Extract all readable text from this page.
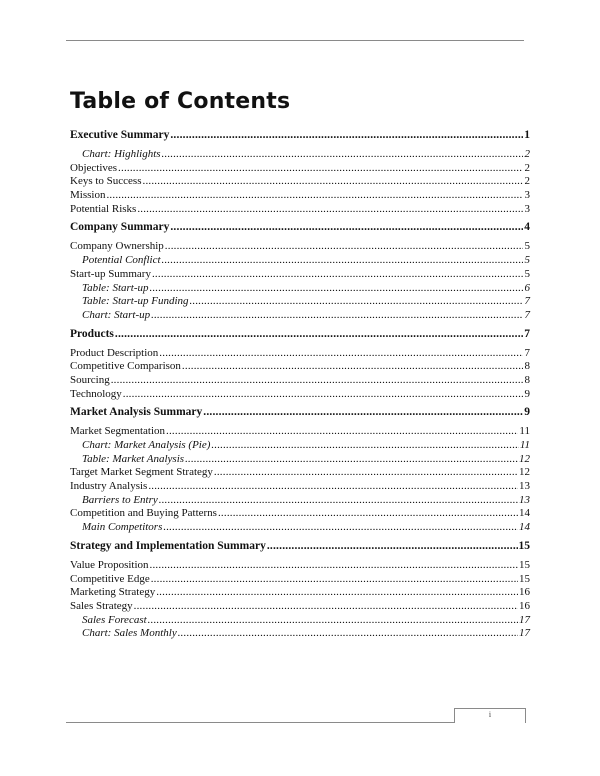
Table of Contents
Executive Summary .....	1
Chart: Highlights .....	2
Objectives .....	2
Keys to Success .....	2
Mission .....	3
Potential Risks .....	3
Company Summary .....	4
Company Ownership .....	5
Potential Conflict .....	5
Start-up Summary .....	5
Table: Start-up .....	6
Table: Start-up Funding .....	7
Chart: Start-up .....	7
Products .....	7
Product Description .....	7
Competitive Comparison .....	8
Sourcing .....	8
Technology .....	9
Market Analysis Summary .....	9
Market Segmentation .....	11
Chart: Market Analysis (Pie) .....	11
Table: Market Analysis .....	12
Target Market Segment Strategy .....	12
Industry Analysis .....	13
Barriers to Entry .....	13
Competition and Buying Patterns .....	14
Main Competitors .....	14
Strategy and Implementation Summary .....	15
Value Proposition .....	15
Competitive Edge .....	15
Marketing Strategy .....	16
Sales Strategy .....	16
Sales Forecast .....	17
Chart: Sales Monthly .....	17
i
